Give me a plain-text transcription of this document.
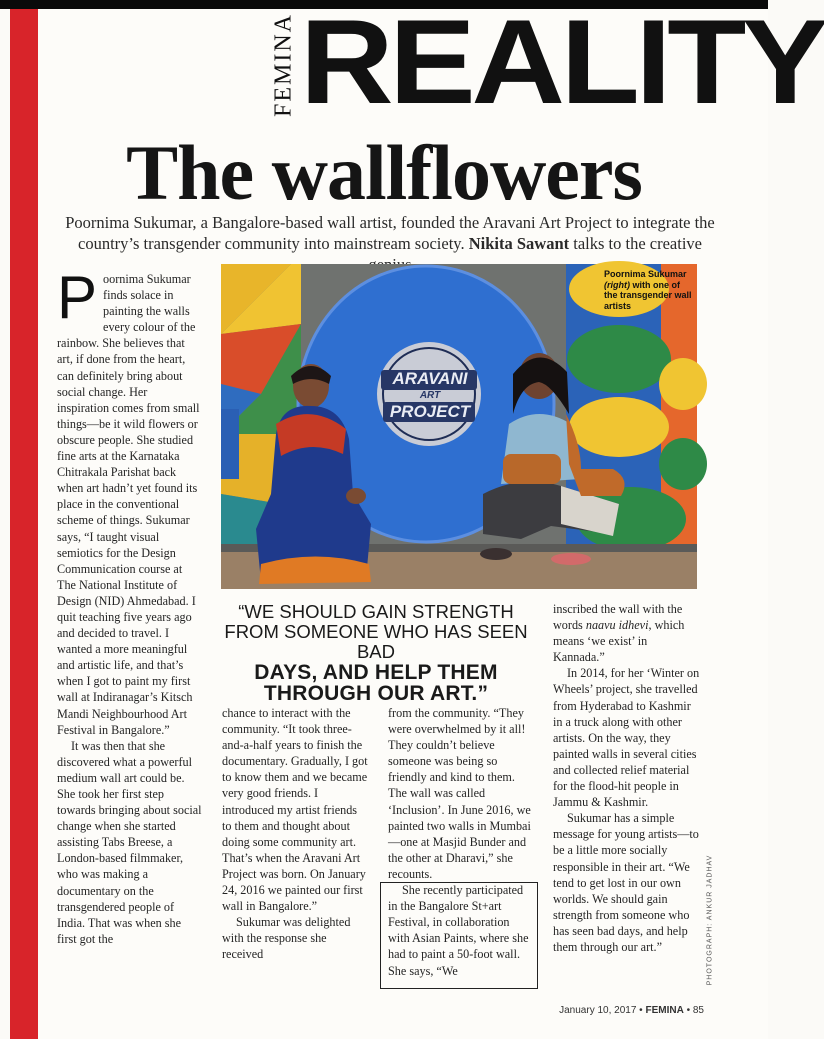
FEMINA REALITY
The wallflowers
Poornima Sukumar, a Bangalore-based wall artist, founded the Aravani Art Project to integrate the country’s transgender community into mainstream society. Nikita Sawant talks to the creative
ARAVANI
ART
PROJECT
Poornima Sukumar (right) with one of the transgender wall artists

Poornima Sukumar finds solace in painting the walls every colour of the rainbow. She believes that art, if done from the heart, can definitely bring about social change. Her inspiration comes from small things—be it wild flowers or obscure people. She studied fine arts at the Karnataka Chitrakala Parishat back when art hadn’t yet found its place in the conventional scheme of things. Sukumar says, “I taught visual semiotics for the Design Communication course at The National Institute of Design (NID) Ahmedabad. I quit teaching five years ago and decided to travel. I wanted a more meaningful and artistic life, and that’s when I got to paint my first wall at Indiranagar’s Kitsch Mandi Neighbourhood Art Festival in Bangalore.”

It was then that she discovered what a powerful medium wall art could be. She took her first step towards bringing about social change when she started assisting Tabs Breese, a London-based filmmaker, who was making a documentary on the transgendered people of India. That was when she first got the

“WE SHOULD GAIN STRENGTH FROM SOMEONE WHO HAS SEEN BAD
DAYS, AND HELP THEM THROUGH OUR ART.”

chance to interact with the community. “It took three-and-a-half years to finish the documentary. Gradually, I got to know them and we became very good friends. I introduced my artist friends to them and thought about doing some community art. That’s when the Aravani Art Project was born. On January 24, 2016 we painted our first wall in Bangalore.”

Sukumar was delighted with the response she received

from the community. “They were overwhelmed by it all! They couldn’t believe someone was being so friendly and kind to them. The wall was called ‘Inclusion’. In June 2016, we painted two walls in Mumbai—one at Masjid Bunder and the other at Dharavi,” she recounts.

She recently participated in the Bangalore St+art Festival, in collaboration with Asian Paints, where she had to paint a 50-foot wall. She says, “We

inscribed the wall with the words naavu idhevi, which means ‘we exist’ in Kannada.”

In 2014, for her ‘Winter on Wheels’ project, she travelled from Hyderabad to Kashmir in a truck along with other artists. On the way, they painted walls in several cities and collected relief material for the flood-hit people in Jammu & Kashmir.

Sukumar has a simple message for young artists—to be a little more socially responsible in their art. “We tend to get lost in our own worlds. We should gain strength from someone who has seen bad days, and help them through our art.”	PHOTOGRAPH: ANKUR JADHAV
January 10, 2017 • FEMINA • 85
